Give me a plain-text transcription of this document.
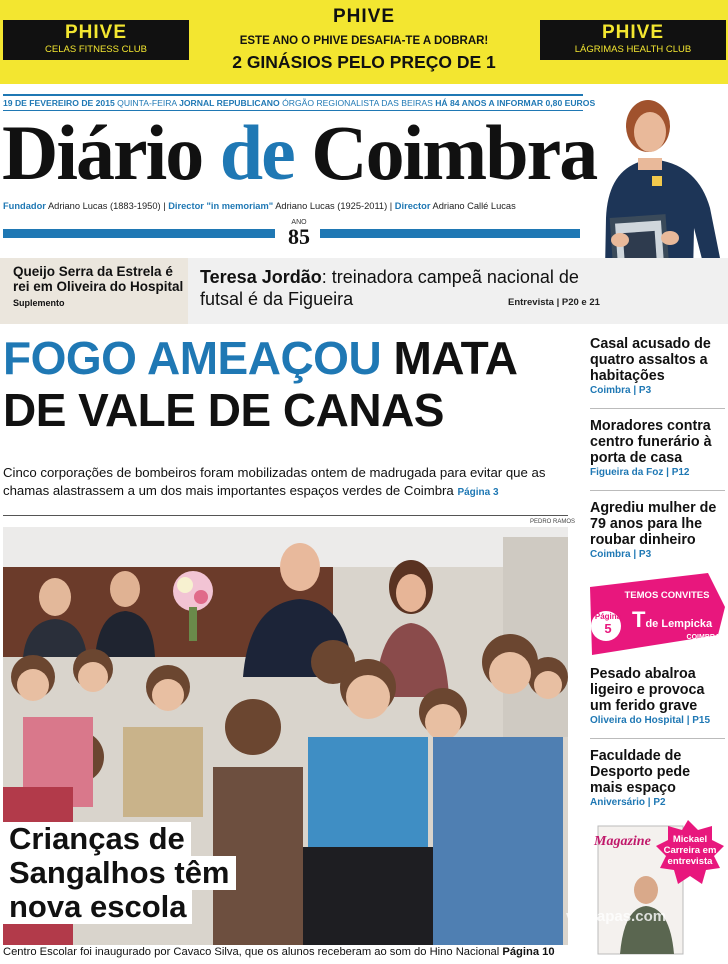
PHIVE
CELAS FITNESS CLUB
PHIVE
ESTE ANO O PHIVE DESAFIA-TE A DOBRAR!
2 GINÁSIOS PELO PREÇO DE 1
PHIVE
LÁGRIMAS HEALTH CLUB
19 DE FEVEREIRO DE 2015 QUINTA-FEIRA JORNAL REPUBLICANO ÓRGÃO REGIONALISTA DAS BEIRAS HÁ 84 ANOS A INFORMAR 0,80 EUROS
Diário de Coimbra
Fundador Adriano Lucas (1883-1950) | Director "in memoriam" Adriano Lucas (1925-2011) | Director Adriano Callé Lucas
ANO
85
Queijo Serra da Estrela é rei em Oliveira do Hospital Suplemento
Teresa Jordão: treinadora campeã nacional de futsal é da Figueira	Entrevista | P20 e 21
FOGO AMEAÇOU MATA
DE VALE DE CANAS
Cinco corporações de bombeiros foram mobilizadas ontem de madrugada para evitar que as chamas alastrassem a um dos mais importantes espaços verdes de Coimbra Página 3
PEDRO RAMOS
Crianças de
Sangalhos têm
nova escola
Centro Escolar foi inaugurado por Cavaco Silva, que os alunos receberam ao som do Hino Nacional Página 10
Casal acusado de quatro assaltos a habitações
Coimbra | P3
Moradores contra centro funerário à porta de casa
Figueira da Foz | P12
Agrediu mulher de 79 anos para lhe roubar dinheiro
Coimbra | P3
TEMOS CONVITES
Página
5 Tde Lempicka
COIMBRA
Pesado abalroa ligeiro e provoca um ferido grave
Oliveira do Hospital | P15
Faculdade de Desporto pede mais espaço
Aniversário | P2
Magazine	Mickael Carreira em entrevista
vercapas.com
